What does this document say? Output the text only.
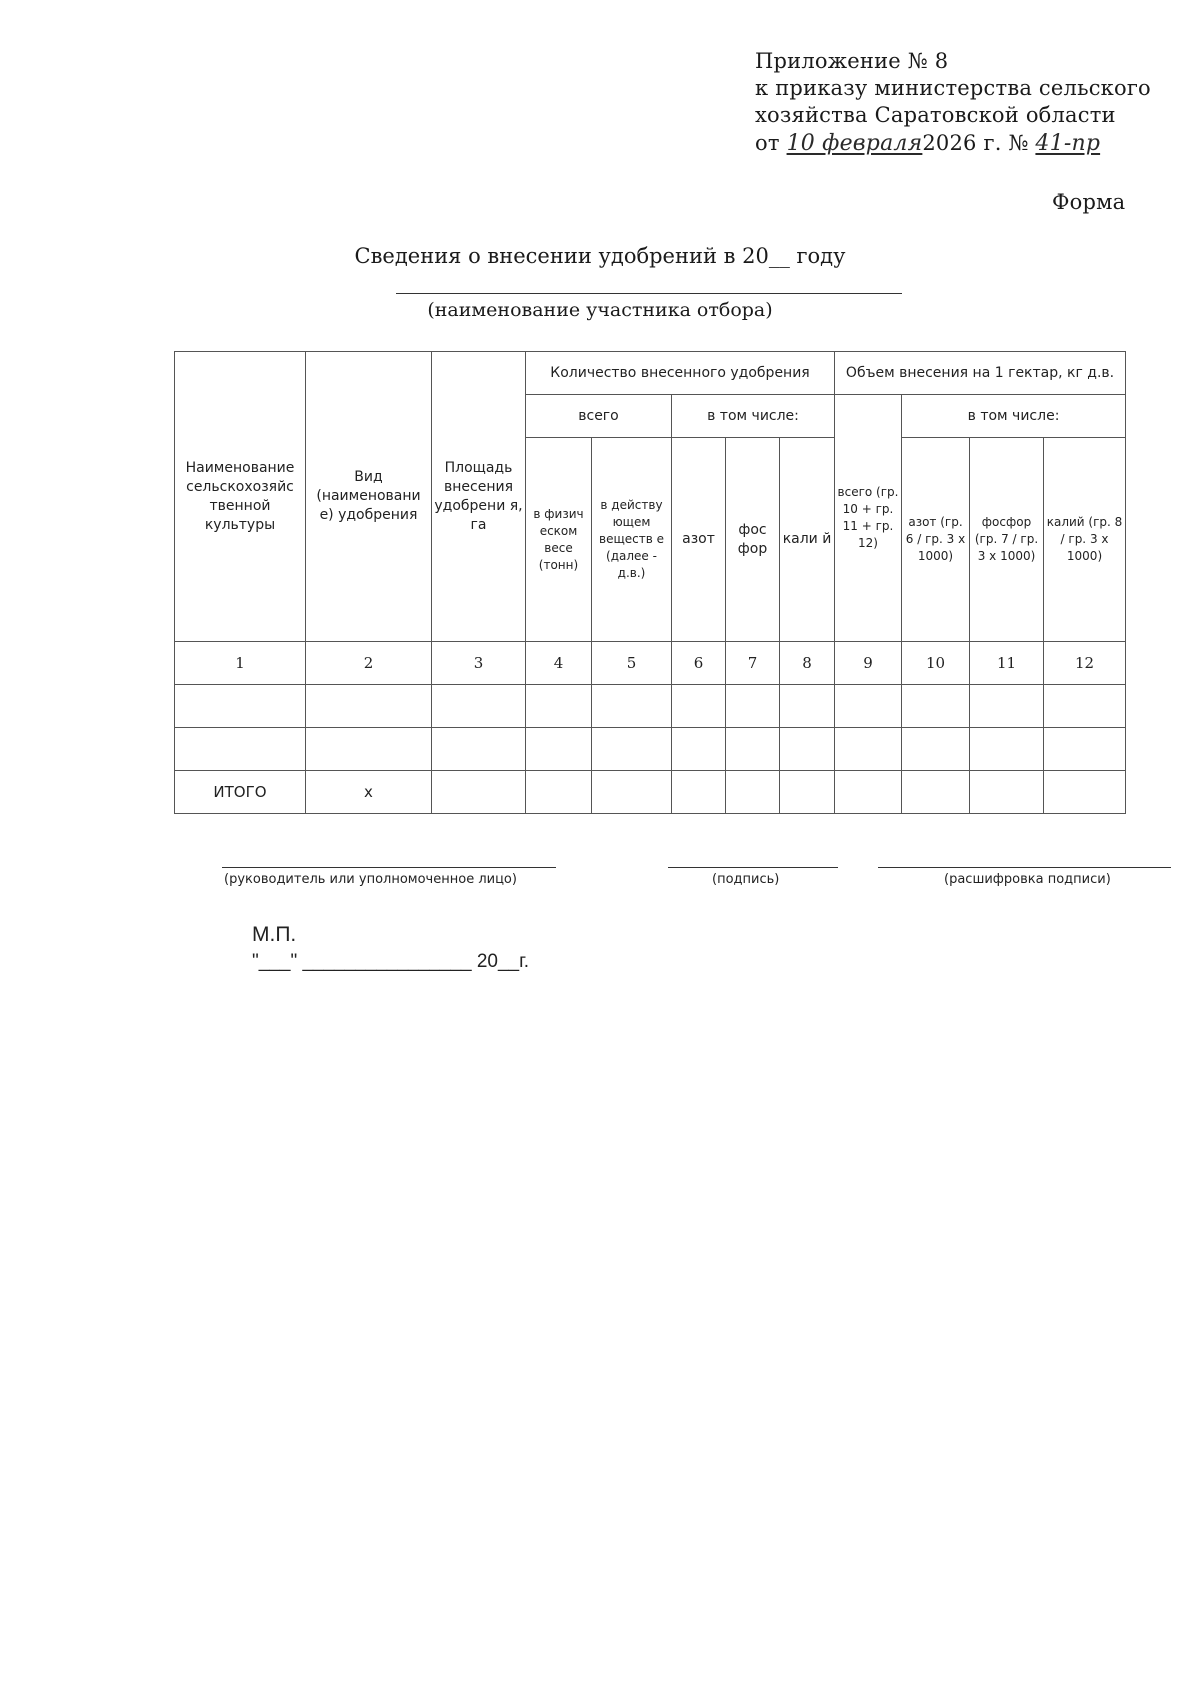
Приложение № 8
к приказу министерства сельского
хозяйства Саратовской области
от 10 февраля2026 г. № 41-пр
Форма
Сведения о внесении удобрений в 20__ году
(наименование участника отбора)
Наименование сельскохозяйс твенной культуры	Вид (наименовани е) удобрения	Площадь внесения удобрени я, га	Количество внесенного удобрения					Объем внесения на 1 гектар, кг д.в.			
			всего		в том числе:			всего (гр. 10 + гр. 11 + гр. 12)	в том числе:		
			в физич еском весе (тонн)	в действу ющем веществ е (далее - д.в.)	азот	фос фор	кали й		азот (гр. 6 / гр. 3 x 1000)	фосфор (гр. 7 / гр. 3 x 1000)	калий (гр. 8 / гр. 3 x 1000)
1	2	3	4	5	6	7	8	9	10	11	12

ИТОГО	x										
(руководитель или уполномоченное лицо)	(подпись)	(расшифровка подписи)
М.П.
"___" ________________ 20__г.
